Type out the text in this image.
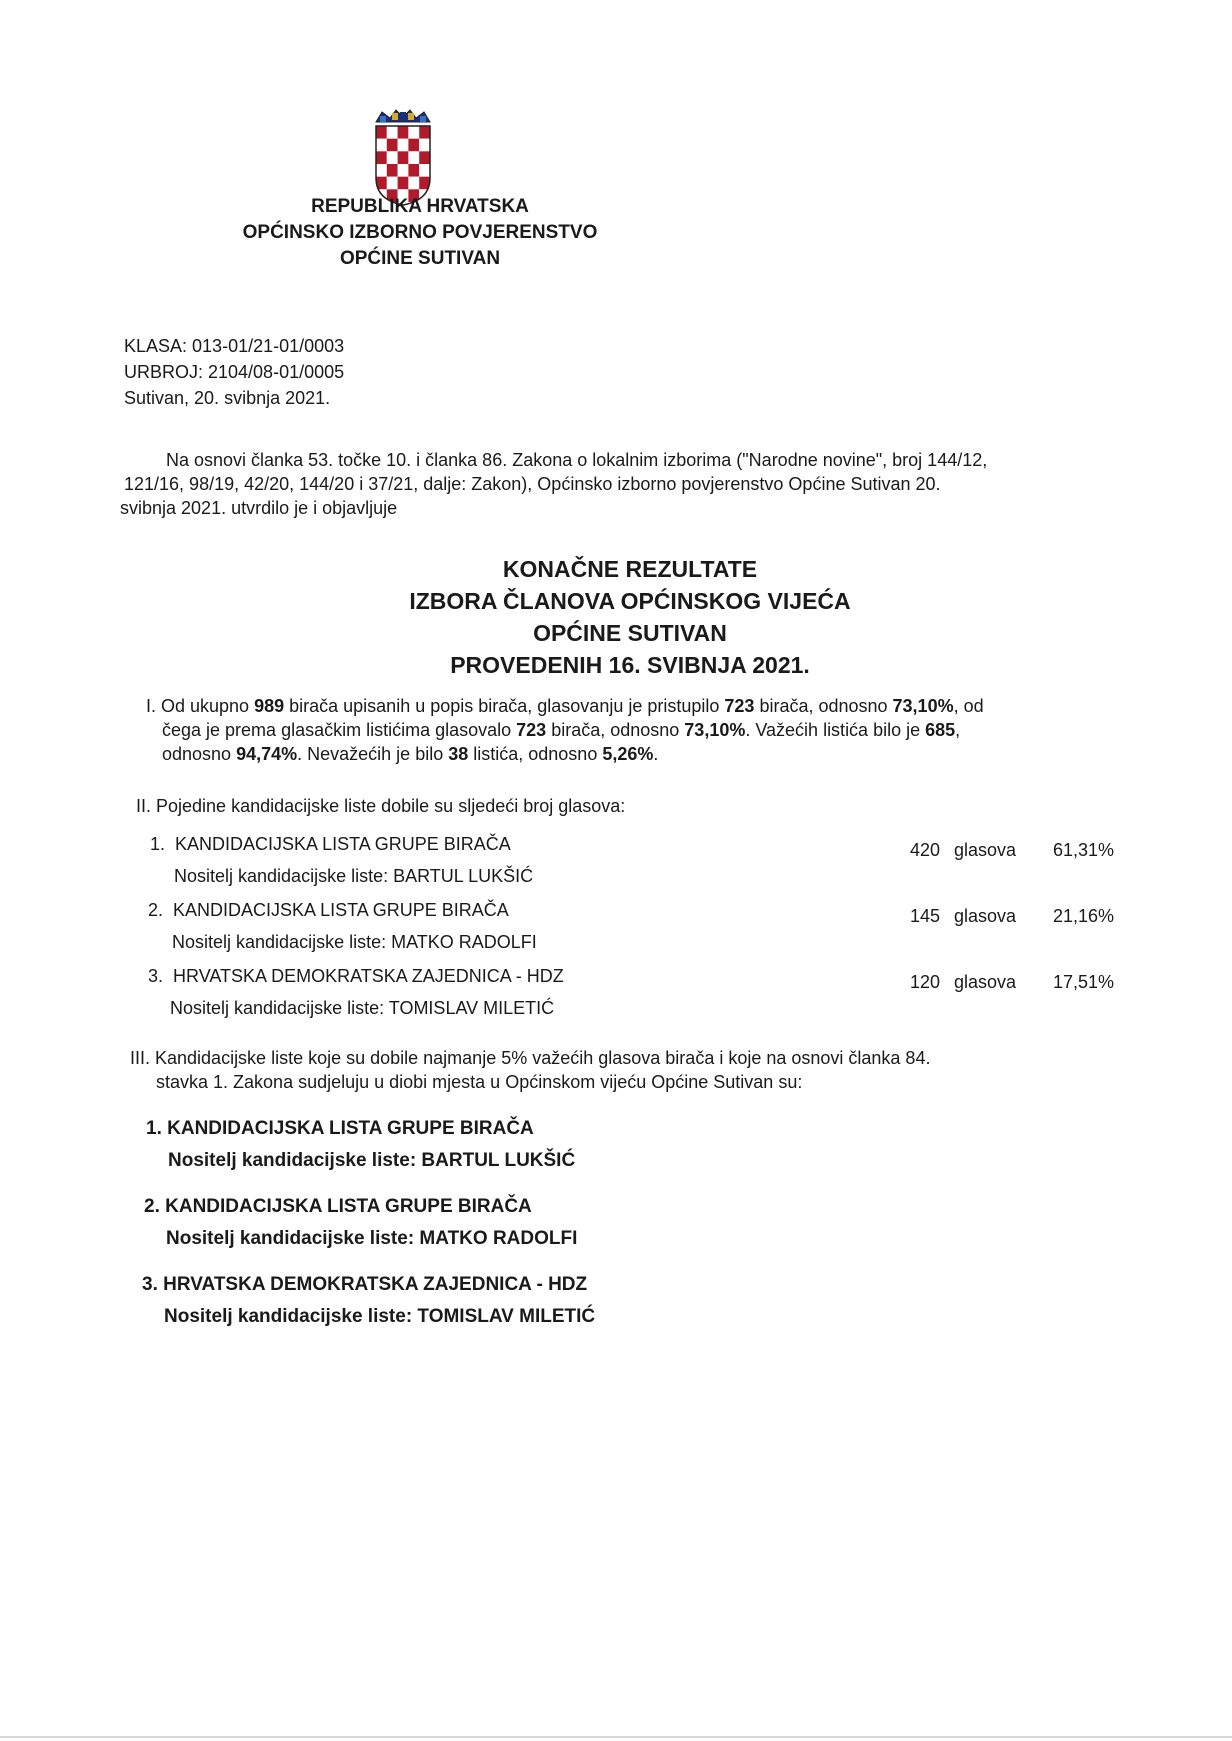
REPUBLIKA HRVATSKA
OPĆINSKO IZBORNO POVJERENSTVO
OPĆINE SUTIVAN
KLASA: 013-01/21-01/0003
URBROJ: 2104/08-01/0005
Sutivan, 20. svibnja 2021.
Na osnovi članka 53. točke 10. i članka 86. Zakona o lokalnim izborima ("Narodne novine", broj 144/12,
121/16, 98/19, 42/20, 144/20 i 37/21, dalje: Zakon), Općinsko izborno povjerenstvo Općine Sutivan 20.
svibnja 2021. utvrdilo je i objavljuje
KONAČNE REZULTATE
IZBORA ČLANOVA OPĆINSKOG VIJEĆA
OPĆINE SUTIVAN
PROVEDENIH 16. SVIBNJA 2021.
I. Od ukupno 989 birača upisanih u popis birača, glasovanju je pristupilo 723 birača, odnosno 73,10%, od
čega je prema glasačkim listićima glasovalo 723 birača, odnosno 73,10%. Važećih listića bilo je 685,
odnosno 94,74%. Nevažećih je bilo 38 listića, odnosno 5,26%.
II. Pojedine kandidacijske liste dobile su sljedeći broj glasova:
1. KANDIDACIJSKA LISTA GRUPE BIRAČA
Nositelj kandidacijske liste: BARTUL LUKŠIĆ
420 glasova	61,31%
2. KANDIDACIJSKA LISTA GRUPE BIRAČA
Nositelj kandidacijske liste: MATKO RADOLFI
145 glasova	21,16%
3. HRVATSKA DEMOKRATSKA ZAJEDNICA - HDZ
Nositelj kandidacijske liste: TOMISLAV MILETIĆ
120 glasova	17,51%
III. Kandidacijske liste koje su dobile najmanje 5% važećih glasova birača i koje na osnovi članka 84.
stavka 1. Zakona sudjeluju u diobi mjesta u Općinskom vijeću Općine Sutivan su:
1. KANDIDACIJSKA LISTA GRUPE BIRAČA
Nositelj kandidacijske liste: BARTUL LUKŠIĆ
2. KANDIDACIJSKA LISTA GRUPE BIRAČA
Nositelj kandidacijske liste: MATKO RADOLFI
3. HRVATSKA DEMOKRATSKA ZAJEDNICA - HDZ
Nositelj kandidacijske liste: TOMISLAV MILETIĆ
